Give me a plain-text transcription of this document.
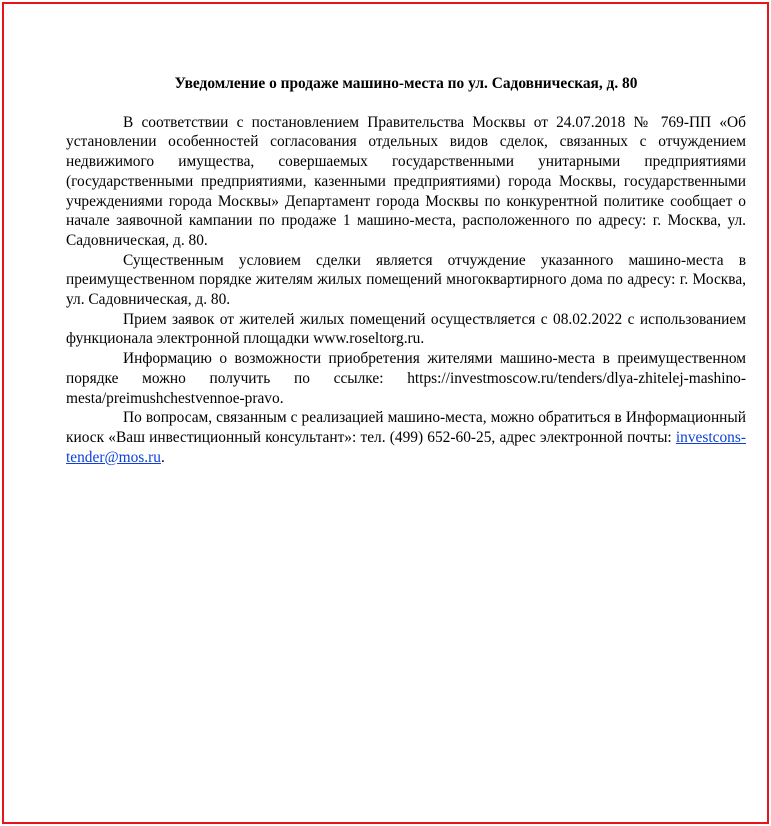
Уведомление о продаже машино-места по ул. Садовническая, д. 80

В соответствии с постановлением Правительства Москвы от 24.07.2018 № 769-ПП «Об установлении особенностей согласования отдельных видов сделок, связанных с отчуждением недвижимого имущества, совершаемых государственными унитарными предприятиями (государственными предприятиями, казенными предприятиями) города Москвы, государственными учреждениями города Москвы» Департамент города Москвы по конкурентной политике сообщает о начале заявочной кампании по продаже 1 машино-места, расположенного по адресу: г. Москва, ул. Садовническая, д. 80.

Существенным условием сделки является отчуждение указанного машино-места в преимущественном порядке жителям жилых помещений многоквартирного дома по адресу: г. Москва, ул. Садовническая, д. 80.

Прием заявок от жителей жилых помещений осуществляется с 08.02.2022 с использованием функционала электронной площадки www.roseltorg.ru.

Информацию о возможности приобретения жителями машино-места в преимущественном порядке можно получить по ссылке: https://investmoscow.ru/tenders/dlya-zhitelej-mashino-mesta/preimushchestvennoe-pravo.

По вопросам, связанным с реализацией машино-места, можно обратиться в Информационный киоск «Ваш инвестиционный консультант»: тел. (499) 652-60-25, адрес электронной почты: investcons-tender@mos.ru.
